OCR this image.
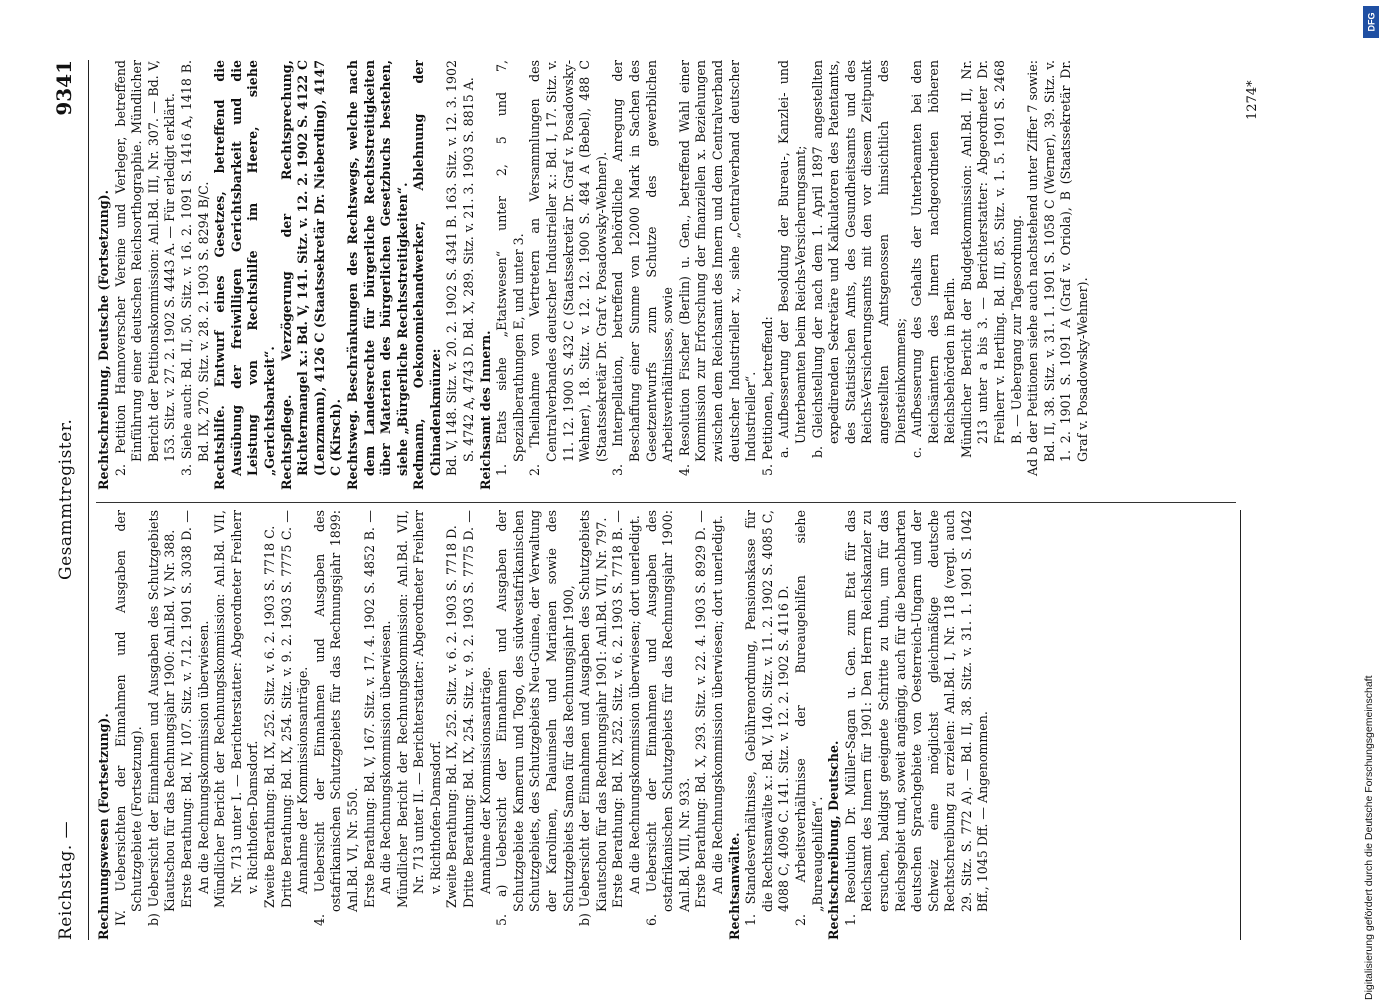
Reichstag. —
Gesammtregister.
9341

Rechnungswesen (Fortsetzung). IV. Uebersichten der Einnahmen und Ausgaben der Schutzgebiete (Fortsetzung). b) Uebersicht der Einnahmen und Ausgaben des Schutzgebiets Kiautschou für das Rechnungsjahr 1900: Anl.Bd. V, Nr. 388. Erste Berathung: Bd. IV, 107. Sitz. v. 7.12. 1901 S. 3038 D. — An die Rechnungskommission überwiesen. Mündlicher Bericht der Rechnungskommission: Anl.Bd. VII, Nr. 713 unter I. — Berichterstatter: Abgeordneter Freiherr v. Richthofen-Damsdorf. Zweite Berathung: Bd. IX, 252. Sitz. v. 6. 2. 1903 S. 7718 C. Dritte Berathung: Bd. IX, 254. Sitz. v. 9. 2. 1903 S. 7775 C. — Annahme der Kommissionsanträge. 4. Uebersicht der Einnahmen und Ausgaben des ostafrikanischen Schutzgebiets für das Rechnungsjahr 1899: Anl.Bd. VI, Nr. 550. Erste Berathung: Bd. V, 167. Sitz. v. 17. 4. 1902 S. 4852 B. — An die Rechnungskommission überwiesen. Mündlicher Bericht der Rechnungskommission: Anl.Bd. VII, Nr. 713 unter II. — Berichterstatter: Abgeordneter Freiherr v. Richthofen-Damsdorf. Zweite Berathung: Bd. IX, 252. Sitz. v. 6. 2. 1903 S. 7718 D. Dritte Berathung: Bd. IX, 254. Sitz. v. 9. 2. 1903 S. 7775 D. — Annahme der Kommissionsanträge. 5. a) Uebersicht der Einnahmen und Ausgaben der Schutzgebiete Kamerun und Togo, des südwestafrikanischen Schutzgebiets, des Schutzgebiets Neu-Guinea, der Verwaltung der Karolinen, Palauinseln und Marianen sowie des Schutzgebiets Samoa für das Rechnungsjahr 1900, b) Uebersicht der Einnahmen und Ausgaben des Schutzgebiets Kiautschou für das Rechnungsjahr 1901: Anl.Bd. VII, Nr. 797. Erste Berathung: Bd. IX, 252. Sitz. v. 6. 2. 1903 S. 7718 B. — An die Rechnungskommission überwiesen; dort unerledigt. 6. Uebersicht der Einnahmen und Ausgaben des ostafrikanischen Schutzgebiets für das Rechnungsjahr 1900: Anl.Bd. VIII, Nr. 933. Erste Berathung: Bd. X, 293. Sitz. v. 22. 4. 1903 S. 8929 D. — An die Rechnungskommission überwiesen; dort unerledigt. Rechtsanwälte. 1. Standesverhältnisse, Gebührenordnung, Pensionskasse für die Rechtsanwälte x.: Bd. V, 140. Sitz. v. 11. 2. 1902 S. 4085 C, 4088 C, 4096 C. 141. Sitz. v. 12. 2. 1902 S. 4116 D. 2. Arbeitsverhältnisse der Bureaugehilfen siehe „Bureaugehilfen“. Rechtschreibung, Deutsche. 1. Resolution Dr. Müller-Sagan u. Gen. zum Etat für das Reichsamt des Innern für 1901: Den Herrn Reichskanzler zu ersuchen, baldigst geeignete Schritte zu thun, um für das Reichsgebiet und, soweit angängig, auch für die benachbarten deutschen Sprachgebiete von Oesterreich-Ungarn und der Schweiz eine möglichst gleichmäßige deutsche Rechtschreibung zu erzielen: Anl.Bd. I, Nr. 118 (vergl. auch 29. Sitz. S. 772 A). — Bd. II, 38. Sitz. v. 31. 1. 1901 S. 1042 Bff., 1045 Dff. — Angenommen.

Rechtschreibung, Deutsche (Fortsetzung). 2. Petition Hannoverscher Vereine und Verleger, betreffend Einführung einer deutschen Reichsorthographie. Mündlicher Bericht der Petitionskommission: Anl.Bd. III, Nr. 307. — Bd. V, 153. Sitz. v. 27. 2. 1902 S. 4443 A. — Für erledigt erklärt. 3. Siehe auch: Bd. II, 50. Sitz. v. 16. 2. 1091 S. 1416 A, 1418 B. Bd. IX, 270. Sitz. v. 28. 2. 1903 S. 8294 B/C. Rechtshilfe. Entwurf eines Gesetzes, betreffend die Ausübung der freiwilligen Gerichtsbarkeit und die Leistung von Rechtshilfe im Heere, siehe „Gerichtsbarkeit“. Rechtspflege. Verzögerung der Rechtsprechung, Richtermangel x.: Bd. V, 141. Sitz. v. 12. 2. 1902 S. 4122 C (Lenzmann), 4126 C (Staatssekretär Dr. Nieberding), 4147 C (Kirsch). Rechtsweg. Beschränkungen des Rechtswegs, welche nach dem Landesrechte für bürgerliche Rechtsstreitigkeiten über Materien des bürgerlichen Gesetzbuchs bestehen, siehe „Bürgerliche Rechtsstreitigkeiten“. Redmann, Oekonomiehandwerker, Ablehnung der Chinadenkmünze: Bd. V, 148. Sitz. v. 20. 2. 1902 S. 4341 B. 163. Sitz. v. 12. 3. 1902 S. 4742 A, 4743 D. Bd. X, 289. Sitz. v. 21. 3. 1903 S. 8815 A. Reichsamt des Innern. 1. Etats siehe „Etatswesen“ unter 2, 5 und 7, Spezialberathungen E, und unter 3. 2. Theilnahme von Vertretern an Versammlungen des Centralverbandes deutscher Industrieller x.: Bd. I, 17. Sitz. v. 11. 12. 1900 S. 432 C (Staatssekretär Dr. Graf v. Posadowsky-Wehner), 18. Sitz. v. 12. 12. 1900 S. 484 A (Bebel), 488 C (Staatssekretär Dr. Graf v. Posadowsky-Wehner). 3. Interpellation, betreffend behördliche Anregung der Beschaffung einer Summe von 12000 Mark in Sachen des Gesetzentwurfs zum Schutze des gewerblichen Arbeitsverhältnisses, sowie 4. Resolution Fischer (Berlin) u. Gen., betreffend Wahl einer Kommission zur Erforschung der finanziellen x. Beziehungen zwischen dem Reichsamt des Innern und dem Centralverband deutscher Industrieller x., siehe „Centralverband deutscher Industrieller“. 5. Petitionen, betreffend: a. Aufbesserung der Besoldung der Bureau-, Kanzlei- und Unterbeamten beim Reichs-Versicherungsamt; b. Gleichstellung der nach dem 1. April 1897 angestellten expedirenden Sekretäre und Kalkulatoren des Patentamts, des Statistischen Amts, des Gesundheitsamts und des Reichs-Versicherungsamts mit den vor diesem Zeitpunkt angestellten Amtsgenossen hinsichtlich des Diensteinkommens; c. Aufbesserung des Gehalts der Unterbeamten bei den Reichsämtern des Innern nachgeordneten höheren Reichsbehörden in Berlin. Mündlicher Bericht der Budgetkommission: Anl.Bd. II, Nr. 213 unter a bis 3. — Berichterstatter: Abgeordneter Dr. Freiherr v. Hertling. Bd. III, 85. Sitz. v. 1. 5. 1901 S. 2468 B. — Uebergang zur Tagesordnung. Ad b der Petitionen siehe auch nachstehend unter Ziffer 7 sowie: Bd. II, 38. Sitz. v. 31. 1. 1901 S. 1058 C (Werner), 39. Sitz. v. 1. 2. 1901 S. 1091 A (Graf v. Oriola), B (Staatssekretär Dr. Graf v. Posadowsky-Wehner).

1274*
Digitalisierung gefördert durch die Deutsche Forschungsgemeinschaft
DFG
